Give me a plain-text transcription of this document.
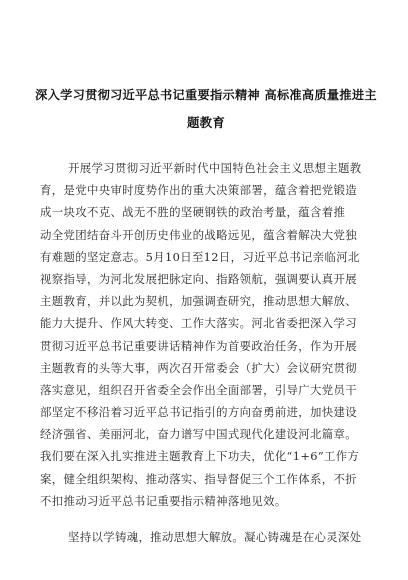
深入学习贯彻习近平总书记重要指示精神 高标准高质量推进主
题教育
开展学习贯彻习近平新时代中国特色社会主义思想主题教
育，是党中央审时度势作出的重大决策部署，蕴含着把党锻造
成一块攻不克、战无不胜的坚硬钢铁的政治考量，蕴含着推
动全党团结奋斗开创历史伟业的战略远见，蕴含着解决大党独
有难题的坚定意志。5月10日至12日，习近平总书记亲临河北
视察指导，为河北发展把脉定向、指路领航，强调要认真开展
主题教育，并以此为契机，加强调查研究，推动思想大解放、
能力大提升、作风大转变、工作大落实。河北省委把深入学习
贯彻习近平总书记重要讲话精神作为首要政治任务，作为开展
主题教育的头等大事，两次召开常委会（扩大）会议研究贯彻
落实意见，组织召开省委全会作出全面部署，引导广大党员干
部坚定不移沿着习近平总书记指引的方向奋勇前进，加快建设
经济强省、美丽河北，奋力谱写中国式现代化建设河北篇章。
我们要在深入扎实推进主题教育上下功夫，优化“1+6”工作方
案，健全组织架构、推动落实、指导督促三个工作体系，不折
不扣推动习近平总书记重要指示精神落地见效。
坚持以学铸魂，推动思想大解放。凝心铸魂是在心灵深处
